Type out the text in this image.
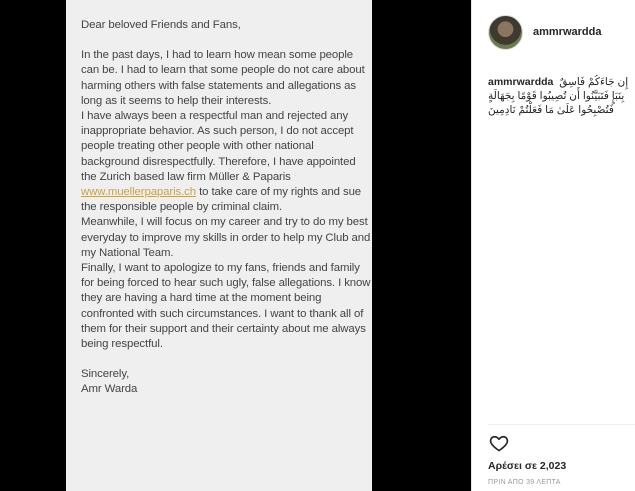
Dear beloved Friends and Fans,

In the past days, I had to learn how mean some people can be. I had to learn that some people do not care about harming others with false statements and allegations as long as it seems to help their interests.

I have always been a respectful man and rejected any inappropriate behavior. As such person, I do not accept people treating other people with other national background disrespectfully. Therefore, I have appointed the Zurich based law firm Müller & Paparis www.muellerpaparis.ch to take care of my rights and sue the responsible people by criminal claim.

Meanwhile, I will focus on my career and try to do my best everyday to improve my skills in order to help my Club and my National Team.

Finally, I want to apologize to my fans, friends and family for being forced to hear such ugly, false allegations. I know they are having a hard time at the moment being confronted with such circumstances. I want to thank all of them for their support and their certainty about me always being respectful.

Sincerely,

Amr Warda

ammrwardda
ammrwardda إِن جَاءَكُمْ فَاسِقٌ بِنَبَإٍ فَتَبَيَّنُوا أَن تُصِيبُوا قَوْمًا بِجَهَالَةٍ فَتُصْبِحُوا عَلَىٰ مَا فَعَلْتُمْ نَادِمِينَ
Αρέσει σε 2,023
ΠΡΙΝ ΑΠΟ 39 ΛΕΠΤΑ
